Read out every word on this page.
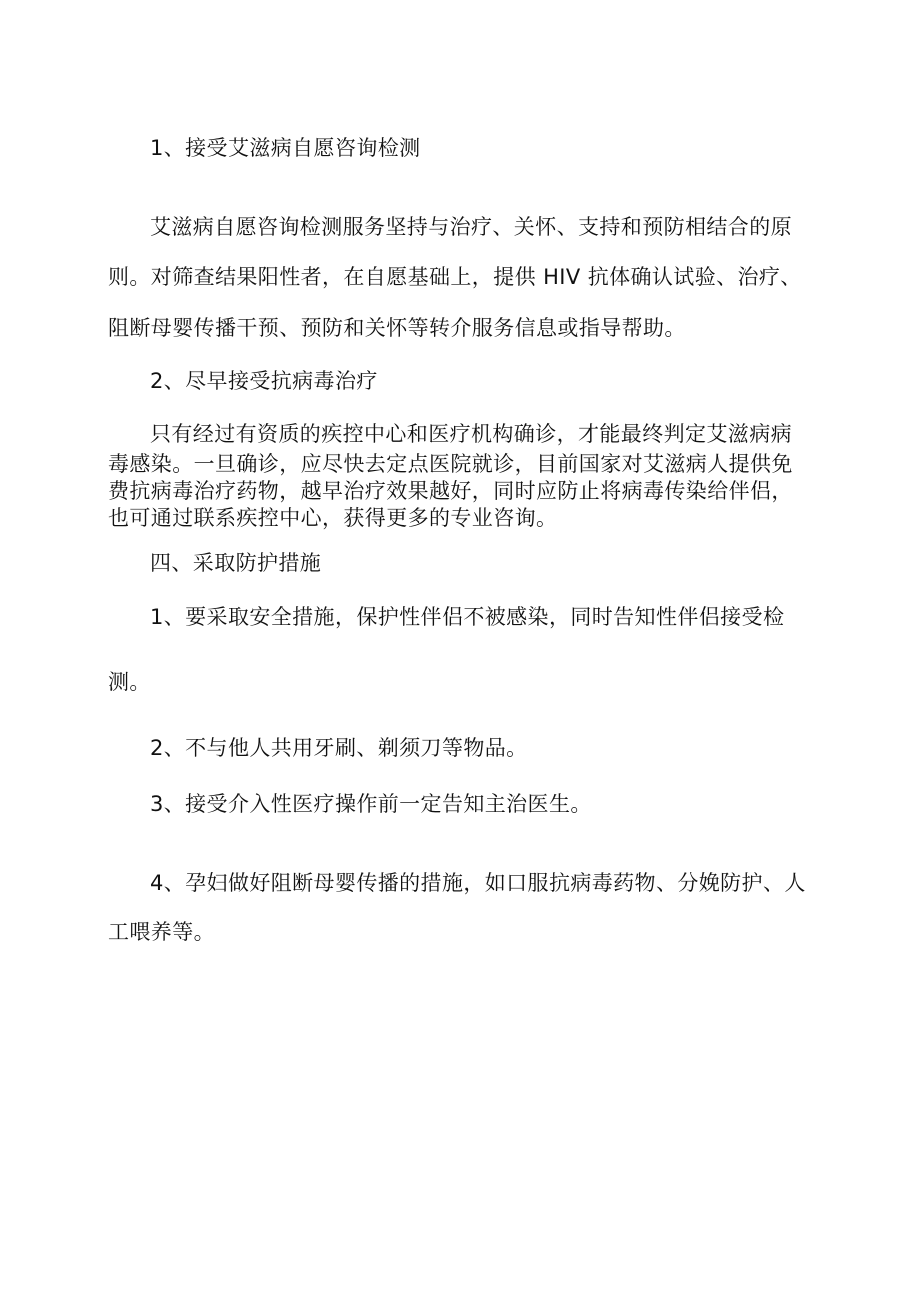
1、接受艾滋病自愿咨询检测
艾滋病自愿咨询检测服务坚持与治疗、关怀、支持和预防相结合的原
则。对筛查结果阳性者，在自愿基础上，提供 HIV 抗体确认试验、治疗、
阻断母婴传播干预、预防和关怀等转介服务信息或指导帮助。
2、尽早接受抗病毒治疗
只有经过有资质的疾控中心和医疗机构确诊，才能最终判定艾滋病病
毒感染。一旦确诊，应尽快去定点医院就诊，目前国家对艾滋病人提供免
费抗病毒治疗药物，越早治疗效果越好，同时应防止将病毒传染给伴侣，
也可通过联系疾控中心，获得更多的专业咨询。
四、采取防护措施
1、要采取安全措施，保护性伴侣不被感染，同时告知性伴侣接受检
测。
2、不与他人共用牙刷、剃须刀等物品。
3、接受介入性医疗操作前一定告知主治医生。
4、孕妇做好阻断母婴传播的措施，如口服抗病毒药物、分娩防护、人
工喂养等。
